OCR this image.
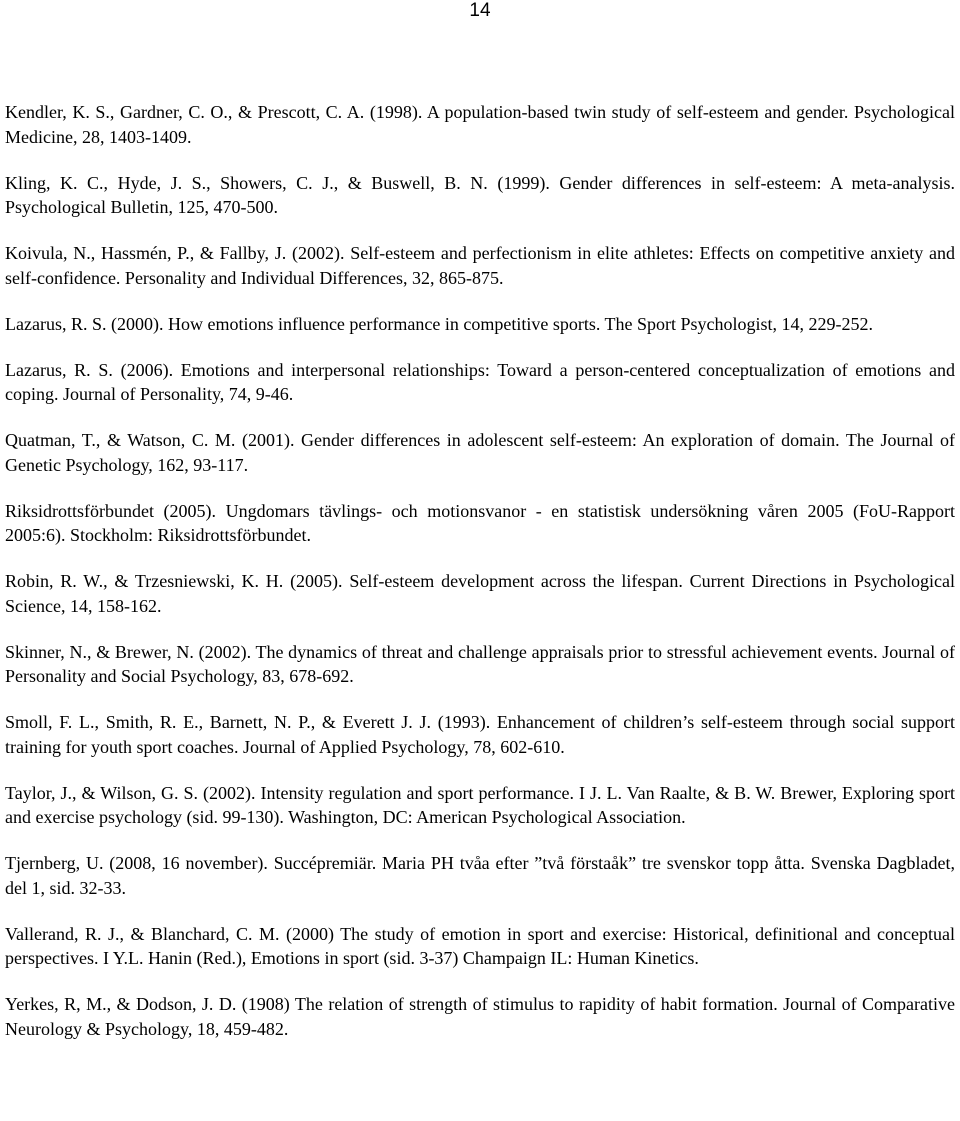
14
Kendler, K. S., Gardner, C. O., & Prescott, C. A. (1998). A population-based twin study of self-esteem and gender. Psychological Medicine, 28, 1403-1409.
Kling, K. C., Hyde, J. S., Showers, C. J., & Buswell, B. N. (1999). Gender differences in self-esteem: A meta-analysis. Psychological Bulletin, 125, 470-500.
Koivula, N., Hassmén, P., & Fallby, J. (2002). Self-esteem and perfectionism in elite athletes: Effects on competitive anxiety and self-confidence. Personality and Individual Differences, 32, 865-875.
Lazarus, R. S. (2000). How emotions influence performance in competitive sports. The Sport Psychologist, 14, 229-252.
Lazarus, R. S. (2006). Emotions and interpersonal relationships: Toward a person-centered conceptualization of emotions and coping. Journal of Personality, 74, 9-46.
Quatman, T., & Watson, C. M. (2001). Gender differences in adolescent self-esteem: An exploration of domain. The Journal of Genetic Psychology, 162, 93-117.
Riksidrottsförbundet (2005). Ungdomars tävlings- och motionsvanor - en statistisk undersökning våren 2005 (FoU-Rapport 2005:6). Stockholm: Riksidrottsförbundet.
Robin, R. W., & Trzesniewski, K. H. (2005). Self-esteem development across the lifespan. Current Directions in Psychological Science, 14, 158-162.
Skinner, N., & Brewer, N. (2002). The dynamics of threat and challenge appraisals prior to stressful achievement events. Journal of Personality and Social Psychology, 83, 678-692.
Smoll, F. L., Smith, R. E., Barnett, N. P., & Everett J. J. (1993). Enhancement of children’s self-esteem through social support training for youth sport coaches. Journal of Applied Psychology, 78, 602-610.
Taylor, J., & Wilson, G. S. (2002). Intensity regulation and sport performance. I J. L. Van Raalte, & B. W. Brewer, Exploring sport and exercise psychology (sid. 99-130). Washington, DC: American Psychological Association.
Tjernberg, U. (2008, 16 november). Succépremiär. Maria PH tvåa efter ”två förstaåk” tre svenskor topp åtta. Svenska Dagbladet, del 1, sid. 32-33.
Vallerand, R. J., & Blanchard, C. M. (2000) The study of emotion in sport and exercise: Historical, definitional and conceptual perspectives. I Y.L. Hanin (Red.), Emotions in sport (sid. 3-37) Champaign IL: Human Kinetics.
Yerkes, R, M., & Dodson, J. D. (1908) The relation of strength of stimulus to rapidity of habit formation. Journal of Comparative Neurology & Psychology, 18, 459-482.
